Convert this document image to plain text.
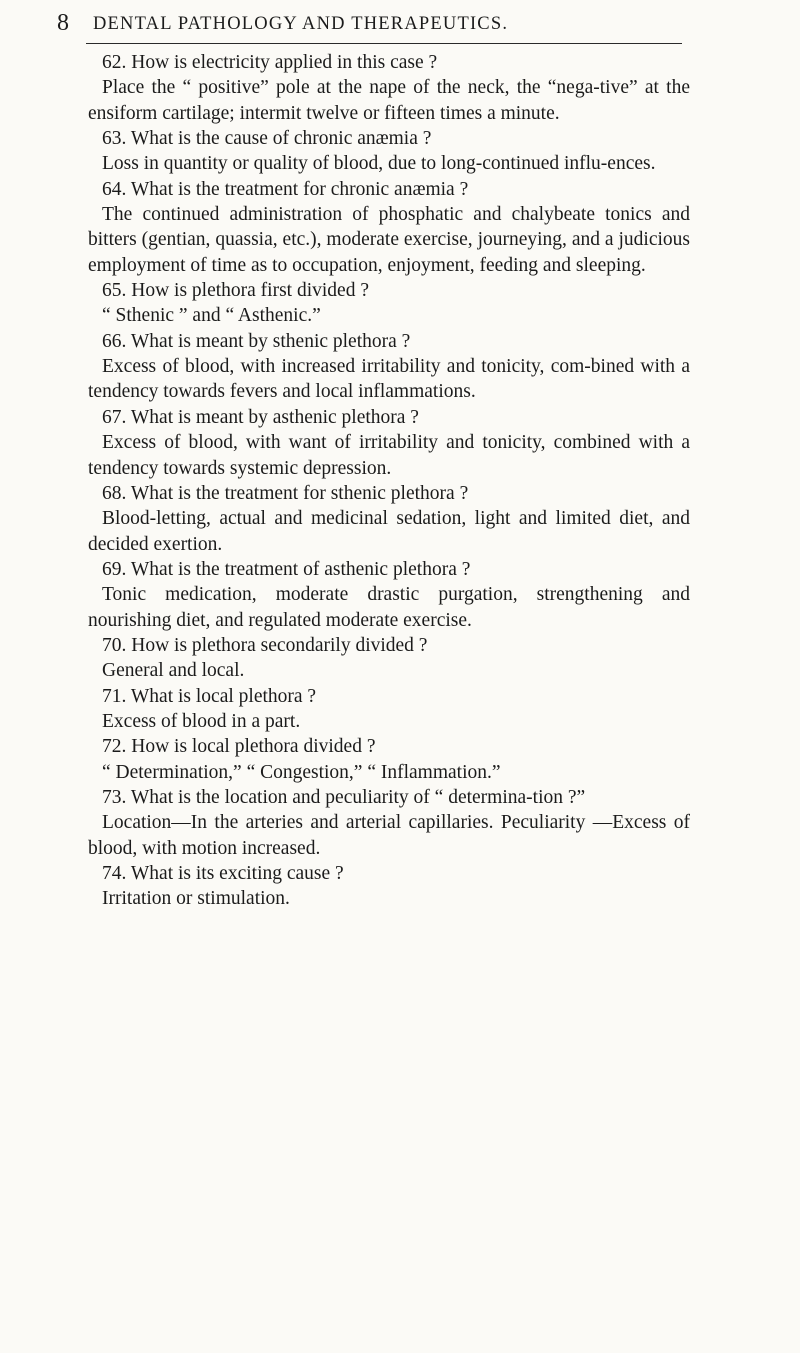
8 DENTAL PATHOLOGY AND THERAPEUTICS.

62. How is electricity applied in this case ?

Place the “ positive” pole at the nape of the neck, the “nega-tive” at the ensiform cartilage; intermit twelve or fifteen times a minute.

63. What is the cause of chronic anæmia ?

Loss in quantity or quality of blood, due to long-continued influ-ences.

64. What is the treatment for chronic anæmia ?

The continued administration of phosphatic and chalybeate tonics and bitters (gentian, quassia, etc.), moderate exercise, journeying, and a judicious employment of time as to occupation, enjoyment, feeding and sleeping.

65. How is plethora first divided ?

“ Sthenic ” and “ Asthenic.”

66. What is meant by sthenic plethora ?

Excess of blood, with increased irritability and tonicity, com-bined with a tendency towards fevers and local inflammations.

67. What is meant by asthenic plethora ?

Excess of blood, with want of irritability and tonicity, combined with a tendency towards systemic depression.

68. What is the treatment for sthenic plethora ?

Blood-letting, actual and medicinal sedation, light and limited diet, and decided exertion.

69. What is the treatment of asthenic plethora ?

Tonic medication, moderate drastic purgation, strengthening and nourishing diet, and regulated moderate exercise.

70. How is plethora secondarily divided ?

General and local.

71. What is local plethora ?

Excess of blood in a part.

72. How is local plethora divided ?

“ Determination,” “ Congestion,” “ Inflammation.”

73. What is the location and peculiarity of “ determina-tion ?”

Location—In the arteries and arterial capillaries. Peculiarity —Excess of blood, with motion increased.

74. What is its exciting cause ?

Irritation or stimulation.
